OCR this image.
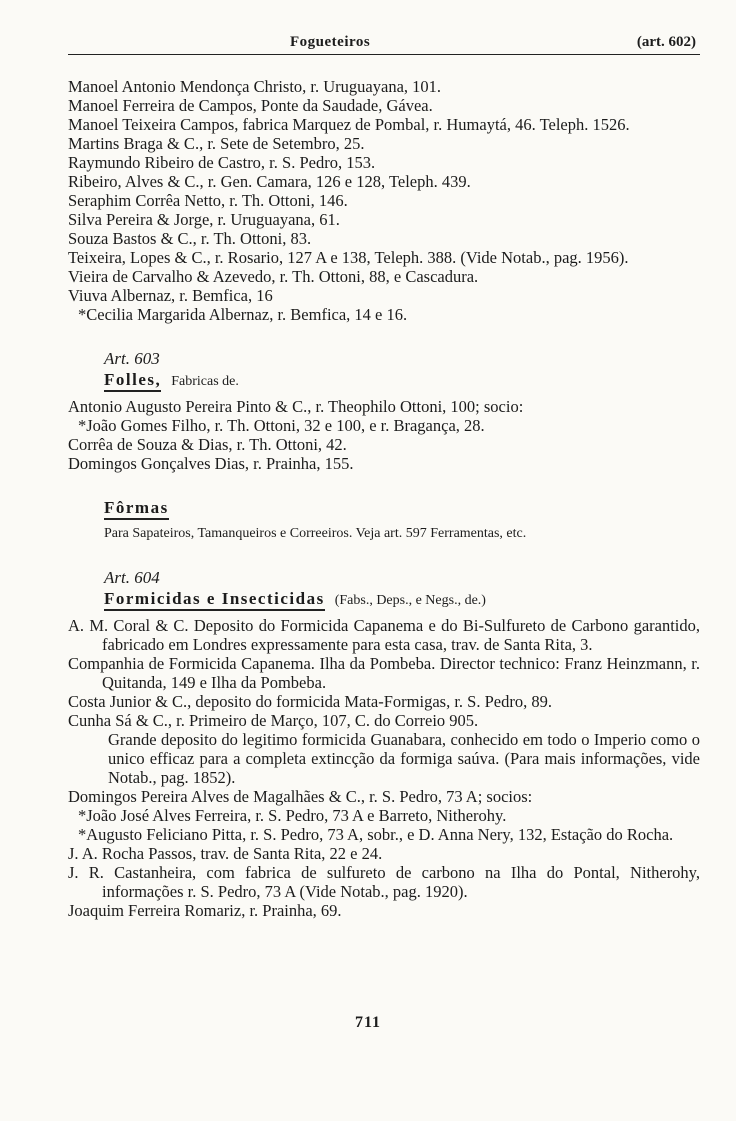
Fogueteiros	(art. 602)
Manoel Antonio Mendonça Christo, r. Uruguayana, 101.
Manoel Ferreira de Campos, Ponte da Saudade, Gávea.
Manoel Teixeira Campos, fabrica Marquez de Pombal, r. Humaytá, 46. Teleph. 1526.
Martins Braga & C., r. Sete de Setembro, 25.
Raymundo Ribeiro de Castro, r. S. Pedro, 153.
Ribeiro, Alves & C., r. Gen. Camara, 126 e 128, Teleph. 439.
Seraphim Corrêa Netto, r. Th. Ottoni, 146.
Silva Pereira & Jorge, r. Uruguayana, 61.
Souza Bastos & C., r. Th. Ottoni, 83.
Teixeira, Lopes & C., r. Rosario, 127 A e 138, Teleph. 388. (Vide Notab., pag. 1956).
Vieira de Carvalho & Azevedo, r. Th. Ottoni, 88, e Cascadura.
Viuva Albernaz, r. Bemfica, 16
*Cecilia Margarida Albernaz, r. Bemfica, 14 e 16.
Art. 603
Folles, Fabricas de.
Antonio Augusto Pereira Pinto & C., r. Theophilo Ottoni, 100; socio:
*João Gomes Filho, r. Th. Ottoni, 32 e 100, e r. Bragança, 28.
Corrêa de Souza & Dias, r. Th. Ottoni, 42.
Domingos Gonçalves Dias, r. Prainha, 155.
Fôrmas
Para Sapateiros, Tamanqueiros e Correeiros. Veja art. 597 Ferramentas, etc.
Art. 604
Formicidas e Insecticidas (Fabs., Deps., e Negs., de.)
A. M. Coral & C. Deposito do Formicida Capanema e do Bi-Sulfureto de Carbono garantido, fabricado em Londres expressamente para esta casa, trav. de Santa Rita, 3.
Companhia de Formicida Capanema. Ilha da Pombeba. Director technico: Franz Heinzmann, r. Quitanda, 149 e Ilha da Pombeba.
Costa Junior & C., deposito do formicida Mata-Formigas, r. S. Pedro, 89.
Cunha Sá & C., r. Primeiro de Março, 107, C. do Correio 905.
Grande deposito do legitimo formicida Guanabara, conhecido em todo o Imperio como o unico efficaz para a completa extincção da formiga saúva. (Para mais informações, vide Notab., pag. 1852).
Domingos Pereira Alves de Magalhães & C., r. S. Pedro, 73 A; socios:
*João José Alves Ferreira, r. S. Pedro, 73 A e Barreto, Nitherohy.
*Augusto Feliciano Pitta, r. S. Pedro, 73 A, sobr., e D. Anna Nery, 132, Estação do Rocha.
J. A. Rocha Passos, trav. de Santa Rita, 22 e 24.
J. R. Castanheira, com fabrica de sulfureto de carbono na Ilha do Pontal, Nitherohy, informações r. S. Pedro, 73 A (Vide Notab., pag. 1920).
Joaquim Ferreira Romariz, r. Prainha, 69.
711
